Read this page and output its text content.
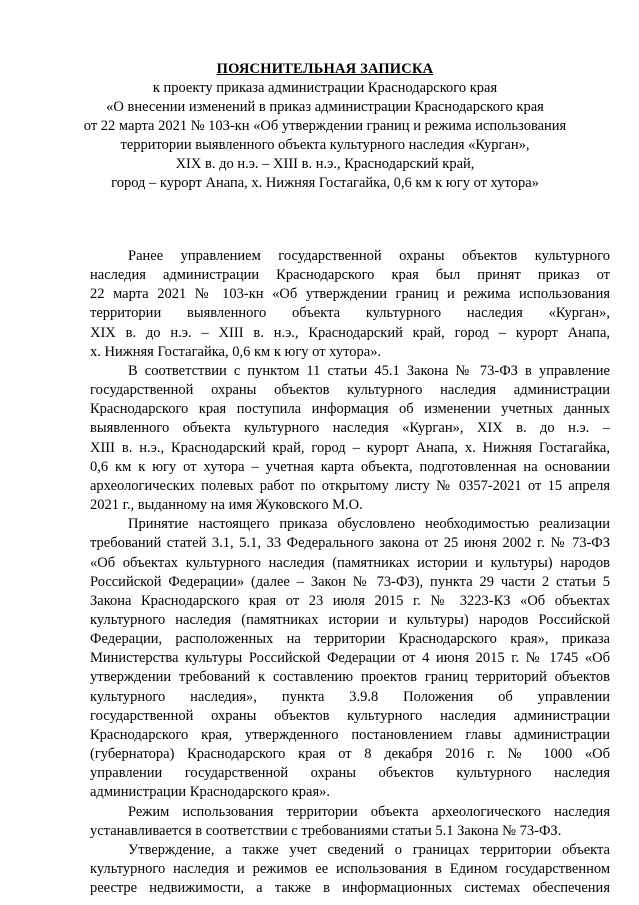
ПОЯСНИТЕЛЬНАЯ ЗАПИСКА
к проекту приказа администрации Краснодарского края
«О внесении изменений в приказ администрации Краснодарского края
от 22 марта 2021 № 103-кн «Об утверждении границ и режима использования
территории выявленного объекта культурного наследия «Курган»,
XIX в. до н.э. – XIII в. н.э., Краснодарский край,
город – курорт Анапа, х. Нижняя Гостагайка, 0,6 км к югу от хутора»
Ранее управлением государственной охраны объектов культурного
наследия администрации Краснодарского края был принят приказ от
22 марта 2021 № 103-кн «Об утверждении границ и режима использования
территории выявленного объекта культурного наследия «Курган»,
XIX в. до н.э. – XIII в. н.э., Краснодарский край, город – курорт Анапа,
х. Нижняя Гостагайка, 0,6 км к югу от хутора».
В соответствии с пунктом 11 статьи 45.1 Закона № 73-ФЗ в управление
государственной охраны объектов культурного наследия администрации
Краснодарского края поступила информация об изменении учетных данных
выявленного объекта культурного наследия «Курган», XIX в. до н.э. –
XIII в. н.э., Краснодарский край, город – курорт Анапа, х. Нижняя Гостагайка,
0,6 км к югу от хутора – учетная карта объекта, подготовленная на основании
археологических полевых работ по открытому листу № 0357-2021 от 15 апреля
2021 г., выданному на имя Жуковского М.О.
Принятие настоящего приказа обусловлено необходимостью реализации
требований статей 3.1, 5.1, 33 Федерального закона от 25 июня 2002 г. № 73-ФЗ
«Об объектах культурного наследия (памятниках истории и культуры) народов
Российской Федерации» (далее – Закон № 73-ФЗ), пункта 29 части 2 статьи 5
Закона Краснодарского края от 23 июля 2015 г. № 3223-КЗ «Об объектах
культурного наследия (памятниках истории и культуры) народов Российской
Федерации, расположенных на территории Краснодарского края», приказа
Министерства культуры Российской Федерации от 4 июня 2015 г. № 1745 «Об
утверждении требований к составлению проектов границ территорий объектов
культурного наследия», пункта 3.9.8 Положения об управлении
государственной охраны объектов культурного наследия администрации
Краснодарского края, утвержденного постановлением главы администрации
(губернатора) Краснодарского края от 8 декабря 2016 г. № 1000 «Об
управлении государственной охраны объектов культурного наследия
администрации Краснодарского края».
Режим использования территории объекта археологического наследия
устанавливается в соответствии с требованиями статьи 5.1 Закона № 73-ФЗ.
Утверждение, а также учет сведений о границах территории объекта
культурного наследия и режимов ее использования в Едином государственном
реестре недвижимости, а также в информационных системах обеспечения
